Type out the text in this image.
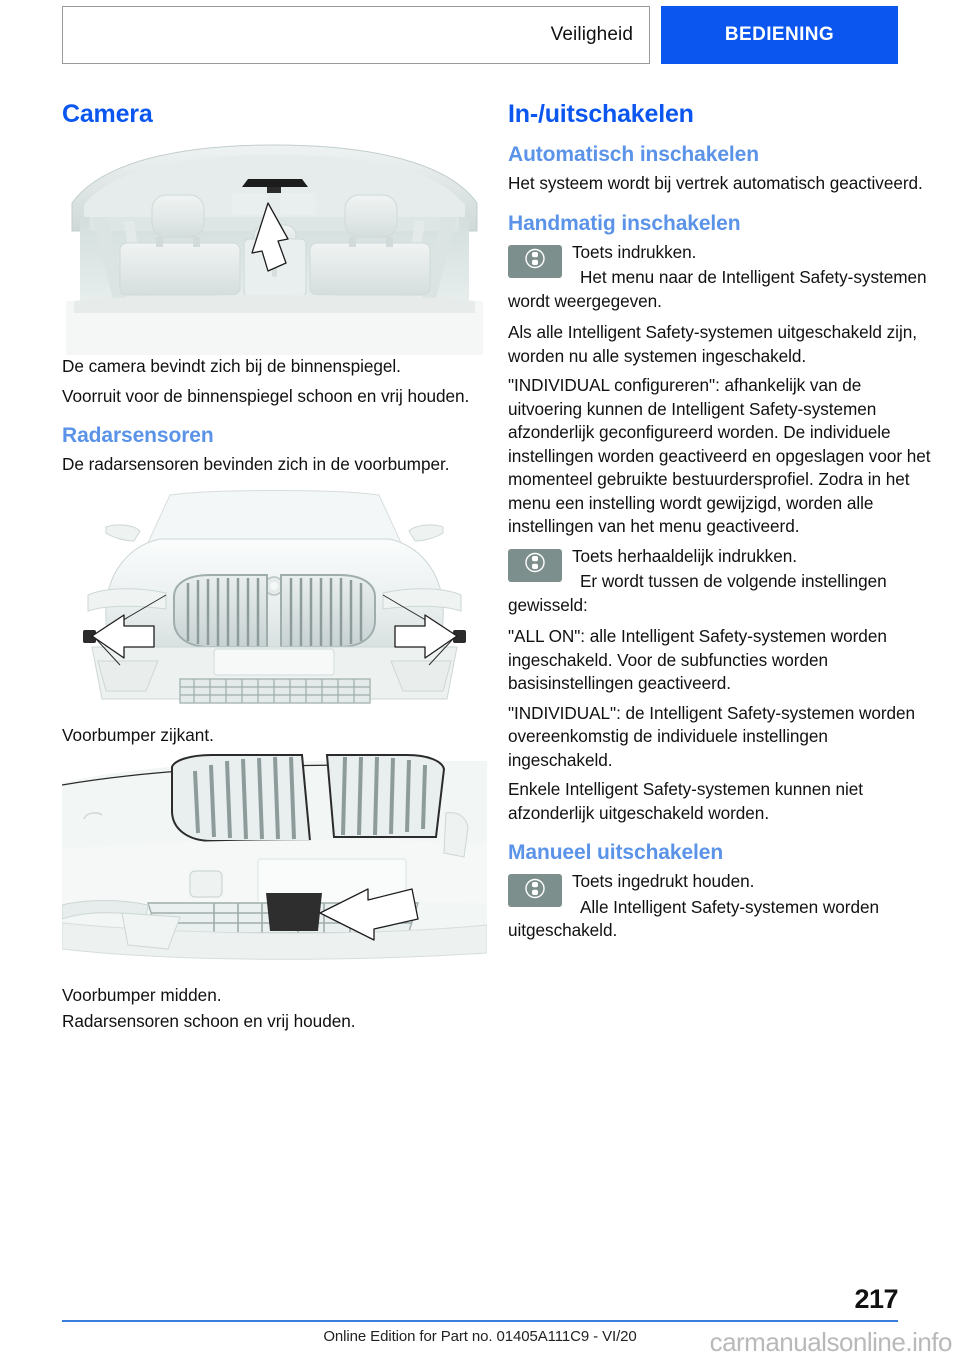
Veiligheid	BEDIENING
Camera

De camera bevindt zich bij de binnenspiegel.

Voorruit voor de binnenspiegel schoon en vrij houden.

Radarsensoren

De radarsensoren bevinden zich in de voorbumper.

Voorbumper zijkant.

Voorbumper midden.

Radarsensoren schoon en vrij houden.

In-/uitschakelen
Automatisch inschakelen

Het systeem wordt bij vertrek automatisch geactiveerd.

Handmatig inschakelen

Toets indrukken.

Het menu naar de Intelligent Safety-systemen wordt weergegeven.

Als alle Intelligent Safety-systemen uitgeschakeld zijn, worden nu alle systemen ingeschakeld.

"INDIVIDUAL configureren": afhankelijk van de uitvoering kunnen de Intelligent Safety-systemen afzonderlijk geconfigureerd worden. De individuele instellingen worden geactiveerd en opgeslagen voor het momenteel gebruikte bestuurdersprofiel. Zodra in het menu een instelling wordt gewijzigd, worden alle instellingen van het menu geactiveerd.

Toets herhaaldelijk indrukken.

Er wordt tussen de volgende instellingen gewisseld:

"ALL ON": alle Intelligent Safety-systemen worden ingeschakeld. Voor de subfuncties worden basisinstellingen geactiveerd.

"INDIVIDUAL": de Intelligent Safety-systemen worden overeenkomstig de individuele instellingen ingeschakeld.

Enkele Intelligent Safety-systemen kunnen niet afzonderlijk uitgeschakeld worden.

Manueel uitschakelen

Toets ingedrukt houden.

Alle Intelligent Safety-systemen worden uitgeschakeld.

217
Online Edition for Part no. 01405A111C9 - VI/20	carmanualsonline.info
